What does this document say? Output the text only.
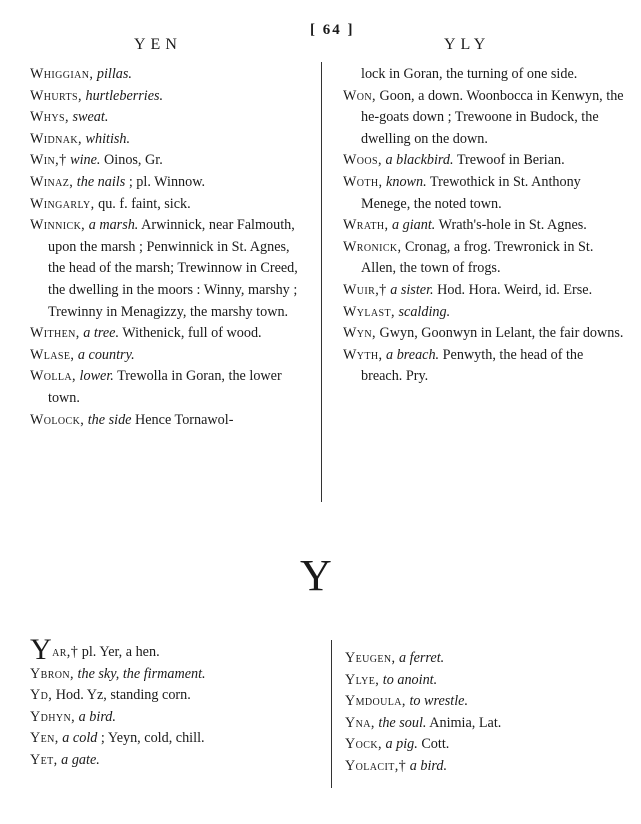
YEN
[ 64 ]
YLY

Whiggian, pillas.

Whurts, hurtleberries.

Whys, sweat.

Widnak, whitish.

Win,† wine. Oinos, Gr.

Winaz, the nails ; pl. Winnow.

Wingarly, qu. f. faint, sick.

Winnick, a marsh. Arwinnick, near Falmouth, upon the marsh ; Penwinnick in St. Agnes, the head of the marsh; Trewinnow in Creed, the dwelling in the moors : Winny, marshy ; Trewinny in Menagizzy, the marshy town.

Withen, a tree. Withenick, full of wood.

Wlase, a country.

Wolla, lower. Trewolla in Goran, the lower town.

Wolock, the side Hence Tornawol-

lock in Goran, the turning of one side.

Won, Goon, a down. Woonbocca in Kenwyn, the he-goats down ; Trewoone in Budock, the dwelling on the down.

Woos, a blackbird. Trewoof in Berian.

Woth, known. Trewothick in St. Anthony Menege, the noted town.

Wrath, a giant. Wrath's-hole in St. Agnes.

Wronick, Cronag, a frog. Trewronick in St. Allen, the town of frogs.

Wuir,† a sister. Hod. Hora. Weird, id. Erse.

Wylast, scalding.

Wyn, Gwyn, Goonwyn in Lelant, the fair downs.

Wyth, a breach. Penwyth, the head of the breach. Pry.

Y

Yar,† pl. Yer, a hen.

Ybron, the sky, the firmament.

Yd, Hod. Yz, standing corn.

Ydhyn, a bird.

Yen, a cold ; Yeyn, cold, chill.

Yet, a gate.

Yeugen, a ferret.

Ylye, to anoint.

Ymdoula, to wrestle.

Yna, the soul. Animia, Lat.

Yock, a pig. Cott.

Yolacit,† a bird.
